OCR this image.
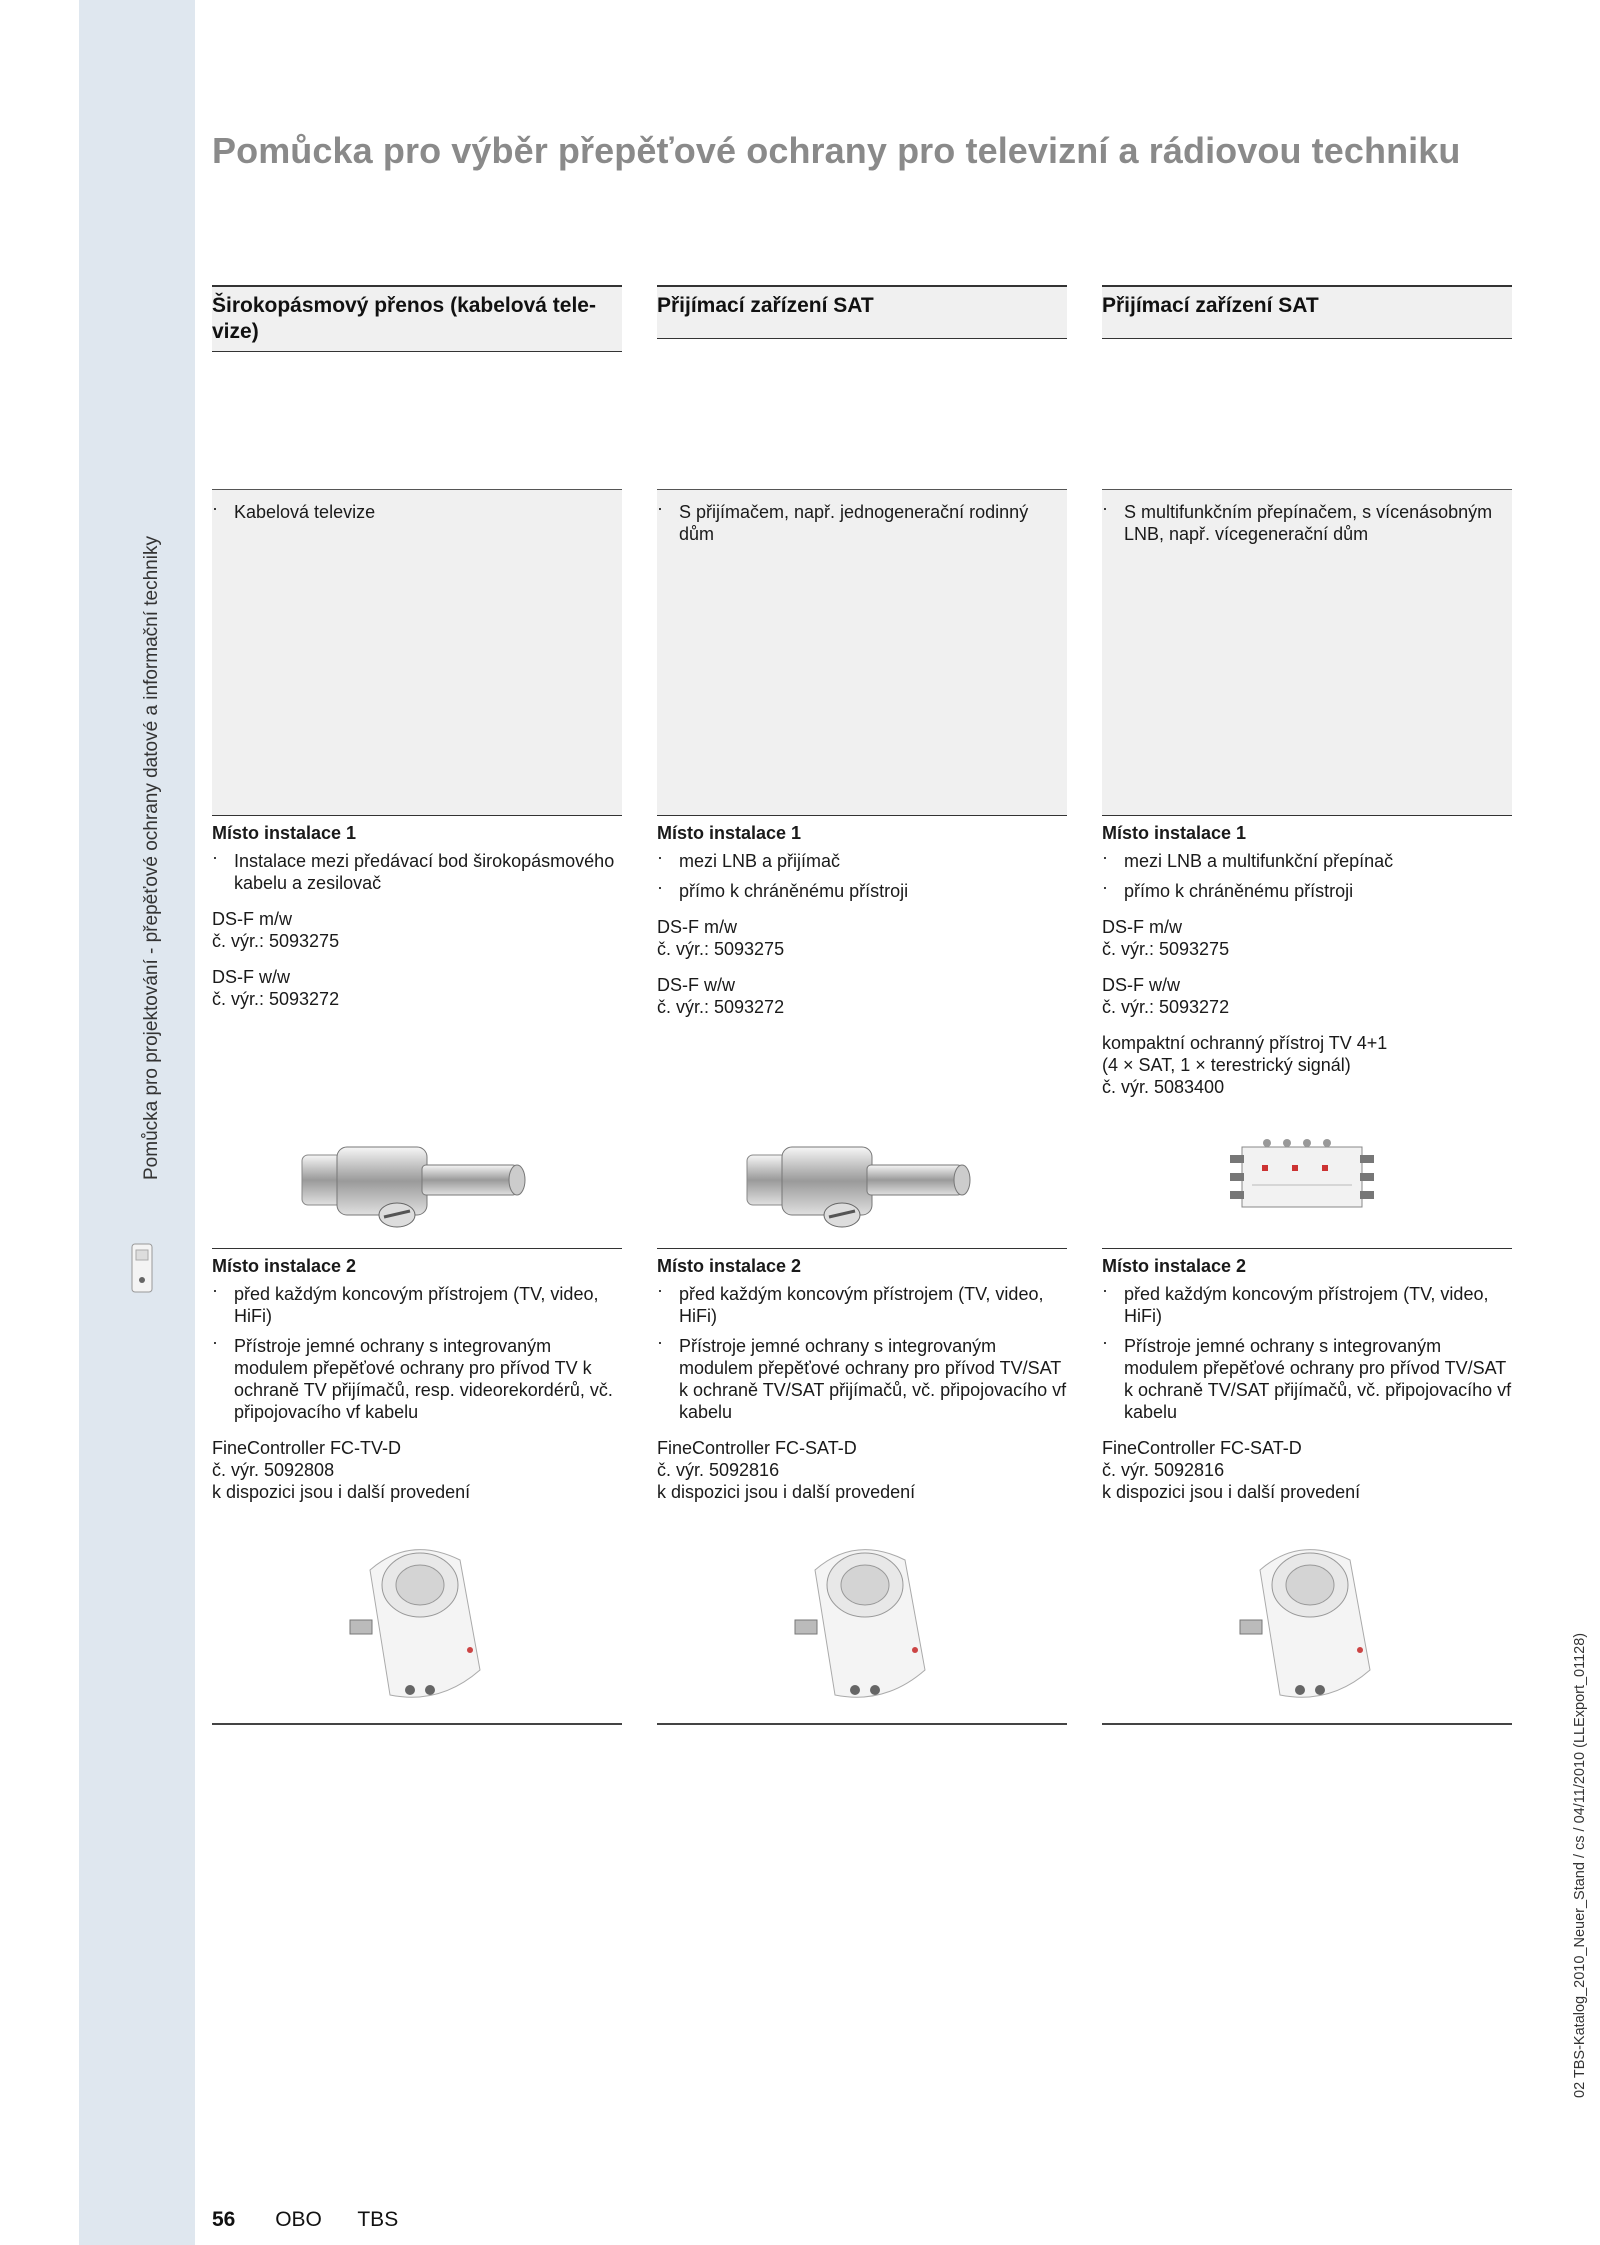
Pomůcka pro projektování - přepěťové ochrany datové a informační techniky
02 TBS-Katalog_2010_Neuer_Stand / cs / 04/11/2010 (LLExport_01128)
Pomůcka pro výběr přepěťové ochrany pro televizní a rádiovou techniku
Širokopásmový přenos (kabelová tele-
vize)
· Kabelová televize
Místo instalace 1
· Instalace mezi předávací bod širokopásmového kabelu a zesilovač
DS-F m/w
č. výr.: 5093275
DS-F w/w
č. výr.: 5093272
Místo instalace 2
· před každým koncovým přístrojem (TV, video, HiFi)
· Přístroje jemné ochrany s integrovaným modulem přepěťové ochrany pro přívod TV k ochraně TV přijímačů, resp. videorekordérů, vč. připojovacího vf kabelu
FineController FC-TV-D
č. výr. 5092808
k dispozici jsou i další provedení
Přijímací zařízení SAT
· S přijímačem, např. jednogenerační rodinný dům
Místo instalace 1
· mezi LNB a přijímač
· přímo k chráněnému přístroji
DS-F m/w
č. výr.: 5093275
DS-F w/w
č. výr.: 5093272
Místo instalace 2
· před každým koncovým přístrojem (TV, video, HiFi)
· Přístroje jemné ochrany s integrovaným modulem přepěťové ochrany pro přívod TV/SAT k ochraně TV/SAT přijímačů, vč. připojovacího vf kabelu
FineController FC-SAT-D
č. výr. 5092816
k dispozici jsou i další provedení
Přijímací zařízení SAT
· S multifunkčním přepínačem, s vícenásobným LNB, např. vícegenerační dům
Místo instalace 1
· mezi LNB a multifunkční přepínač
· přímo k chráněnému přístroji
DS-F m/w
č. výr.: 5093275
DS-F w/w
č. výr.: 5093272
kompaktní ochranný přístroj TV 4+1
(4 × SAT, 1 × terestrický signál)
č. výr. 5083400
Místo instalace 2
· před každým koncovým přístrojem (TV, video, HiFi)
· Přístroje jemné ochrany s integrovaným modulem přepěťové ochrany pro přívod TV/SAT k ochraně TV/SAT přijímačů, vč. připojovacího vf kabelu
FineController FC-SAT-D
č. výr. 5092816
k dispozici jsou i další provedení
56 OBO TBS
